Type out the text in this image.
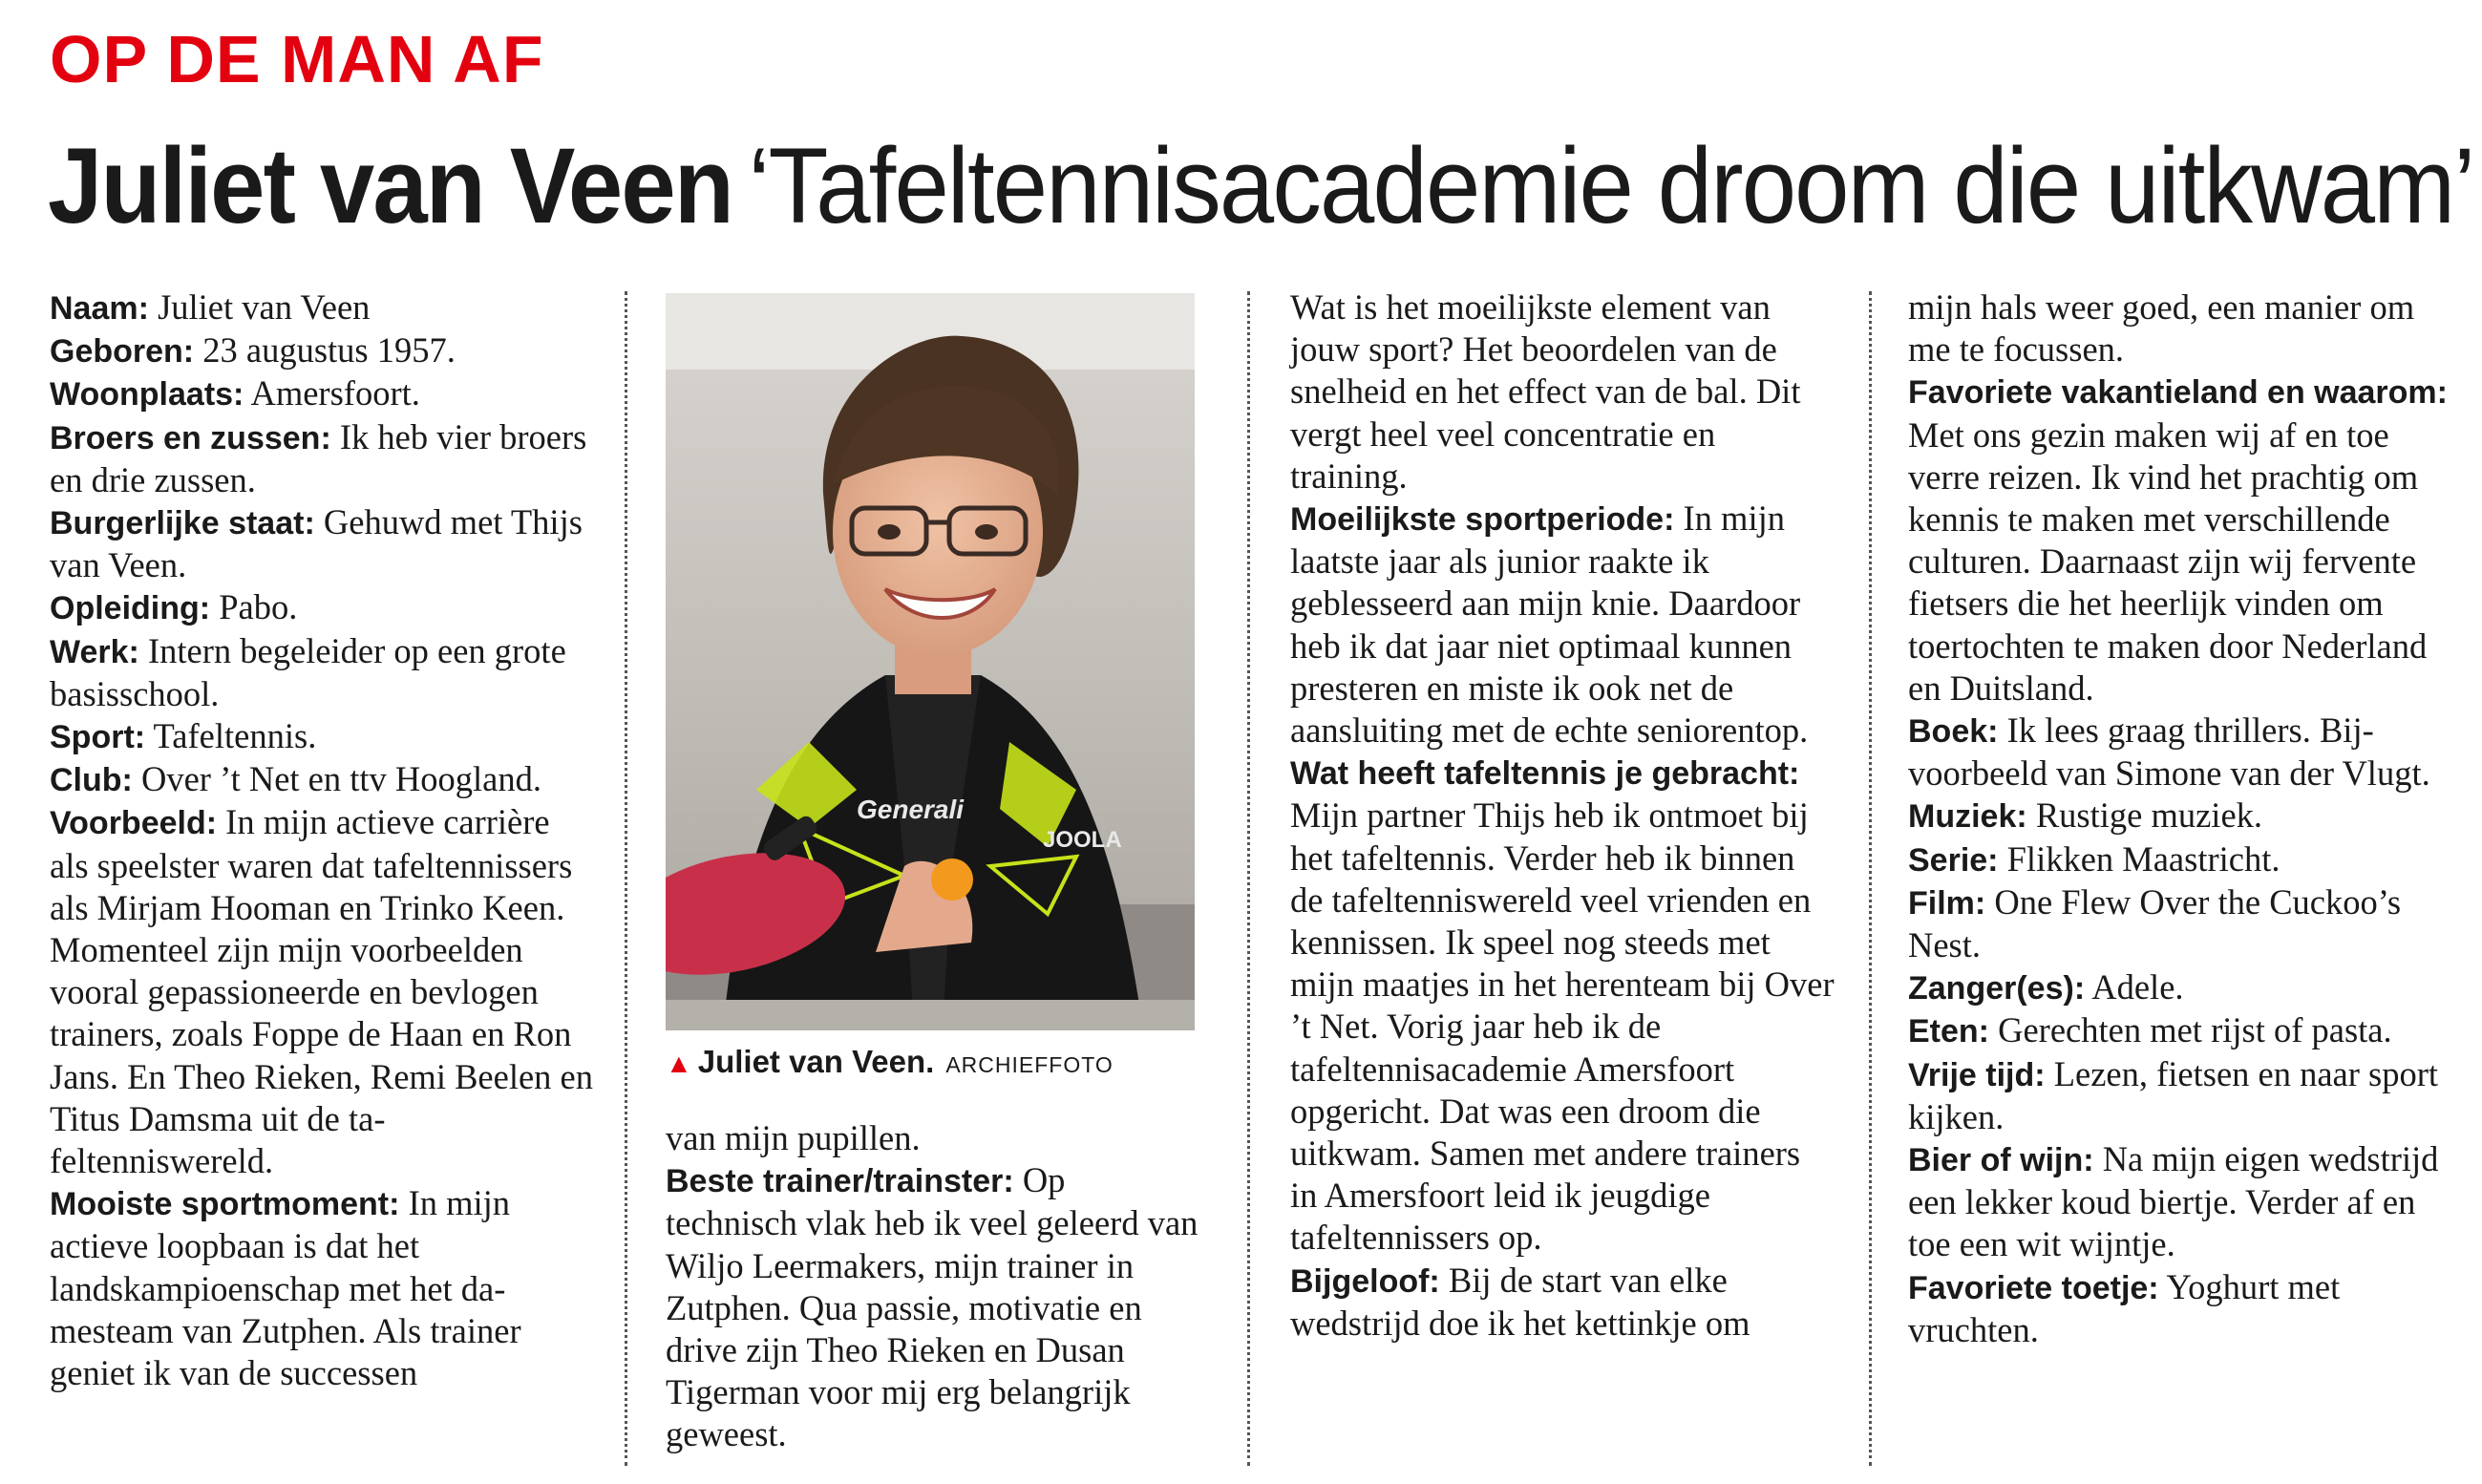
OP DE MAN AF
Juliet van Veen ‘Tafeltennisacademie droom die uitkwam’

Naam: Juliet van Veen

Geboren: 23 augustus 1957.

Woonplaats: Amersfoort.

Broers en zussen: Ik heb vier broers en drie zussen.

Burgerlijke staat: Gehuwd met Thijs van Veen.

Opleiding: Pabo.

Werk: Intern begeleider op een grote basisschool.

Sport: Tafeltennis.

Club: Over ’t Net en ttv Hoogland.

Voorbeeld: In mijn actieve carrière als speelster waren dat tafeltennissers als Mirjam Hooman en Trinko Keen. Momenteel zijn mijn voorbeelden vooral gepassioneerde en bevlogen trainers, zoals Foppe de Haan en Ron Jans. En Theo Rieken, Remi Beelen en Titus Damsma uit de tafeltenniswereld.

Mooiste sportmoment: In mijn actieve loopbaan is dat het landskampioenschap met het damesteam van Zutphen. Als trainer geniet ik van de successen

Generali
JOOLA
▲ Juliet van Veen. ARCHIEFFOTO

van mijn pupillen.

Beste trainer/trainster: Op technisch vlak heb ik veel geleerd van Wiljo Leermakers, mijn trainer in Zutphen. Qua passie, motivatie en drive zijn Theo Rieken en Dusan Tigerman voor mij erg belangrijk geweest.

Wat is het moeilijkste element van jouw sport? Het beoordelen van de snelheid en het effect van de bal. Dit vergt heel veel concentratie en training.

Moeilijkste sportperiode: In mijn laatste jaar als junior raakte ik geblesseerd aan mijn knie. Daardoor heb ik dat jaar niet optimaal kunnen presteren en miste ik ook net de aansluiting met de echte seniorentop.

Wat heeft tafeltennis je gebracht: Mijn partner Thijs heb ik ontmoet bij het tafeltennis. Verder heb ik binnen de tafeltenniswereld veel vrienden en kennissen. Ik speel nog steeds met mijn maatjes in het herenteam bij Over ’t Net. Vorig jaar heb ik de tafeltennisacademie Amersfoort opgericht. Dat was een droom die uitkwam. Samen met andere trainers in Amersfoort leid ik jeugdige tafeltennissers op.

Bijgeloof: Bij de start van elke wedstrijd doe ik het kettinkje om

mijn hals weer goed, een manier om me te focussen.

Favoriete vakantieland en waarom: Met ons gezin maken wij af en toe verre reizen. Ik vind het prachtig om kennis te maken met verschillende culturen. Daarnaast zijn wij fervente fietsers die het heerlijk vinden om toertochten te maken door Nederland en Duitsland.

Boek: Ik lees graag thrillers. Bijvoorbeeld van Simone van der Vlugt.

Muziek: Rustige muziek.

Serie: Flikken Maastricht.

Film: One Flew Over the Cuckoo’s Nest.

Zanger(es): Adele.

Eten: Gerechten met rijst of pasta.

Vrije tijd: Lezen, fietsen en naar sport kijken.

Bier of wijn: Na mijn eigen wedstrijd een lekker koud biertje. Verder af en toe een wit wijntje.

Favoriete toetje: Yoghurt met vruchten.
